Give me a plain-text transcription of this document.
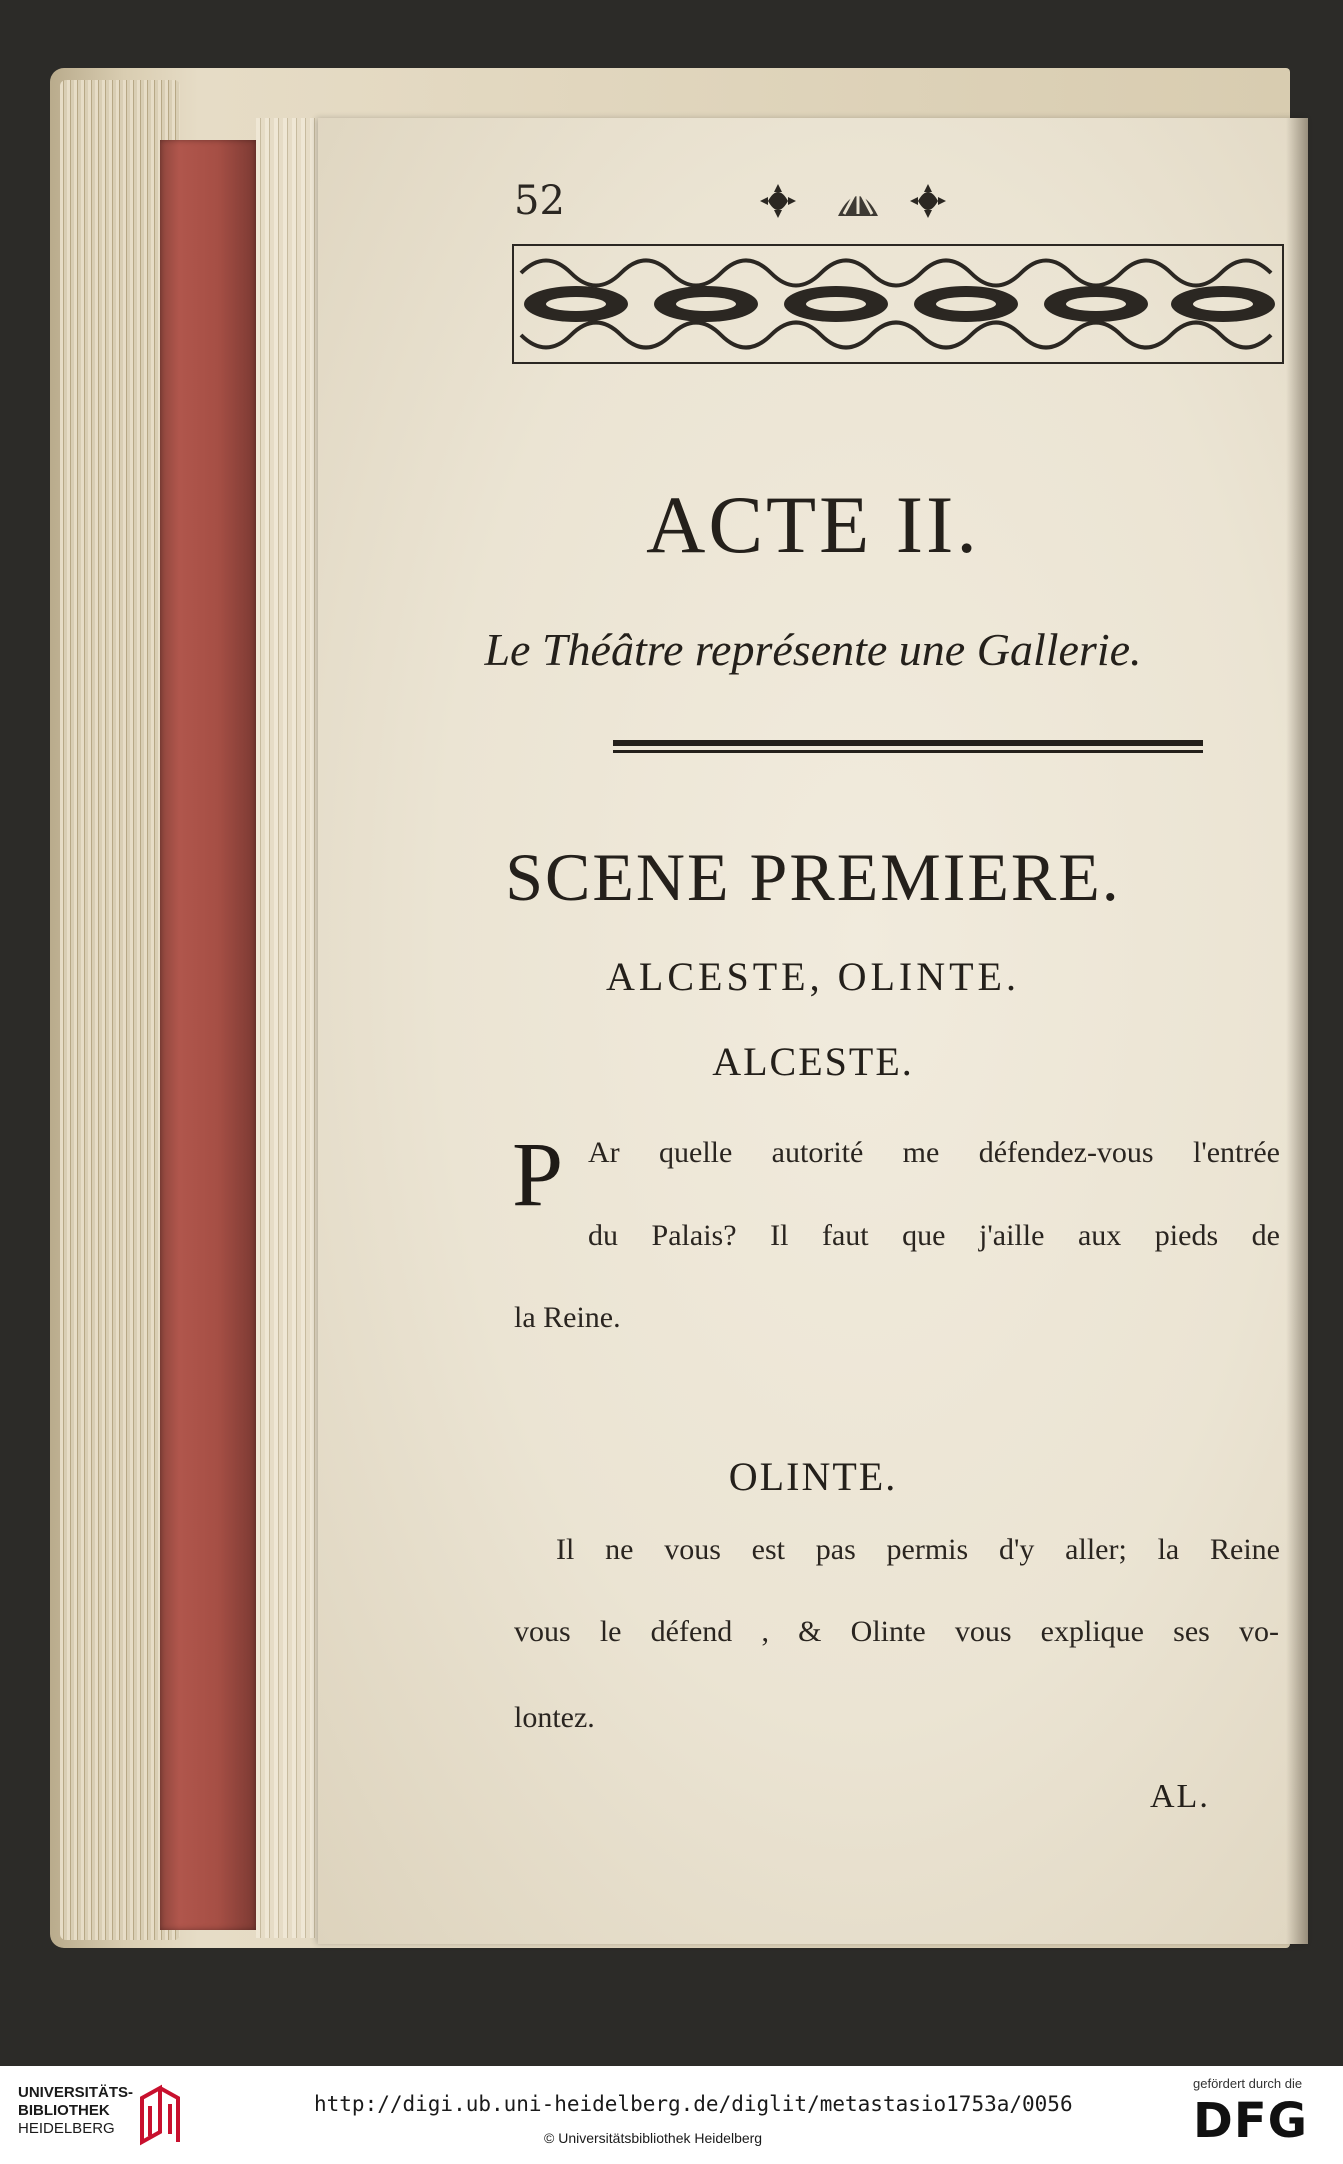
52
ACTE II.
Le Théâtre représente une Gallerie.
SCENE PREMIERE.
ALCESTE, OLINTE.
ALCESTE.
P Ar quelle autorité me défendez-vous l'entrée
du Palais? Il faut que j'aille aux pieds de
la Reine.
OLINTE.
Il ne vous est pas permis d'y aller; la Reine
vous le défend , & Olinte vous explique ses vo-
lontez.
AL.
UNIVERSITÄTS-
BIBLIOTHEK
HEIDELBERG
http://digi.ub.uni-heidelberg.de/diglit/metastasio1753a/0056
© Universitätsbibliothek Heidelberg
gefördert durch die
DFG
